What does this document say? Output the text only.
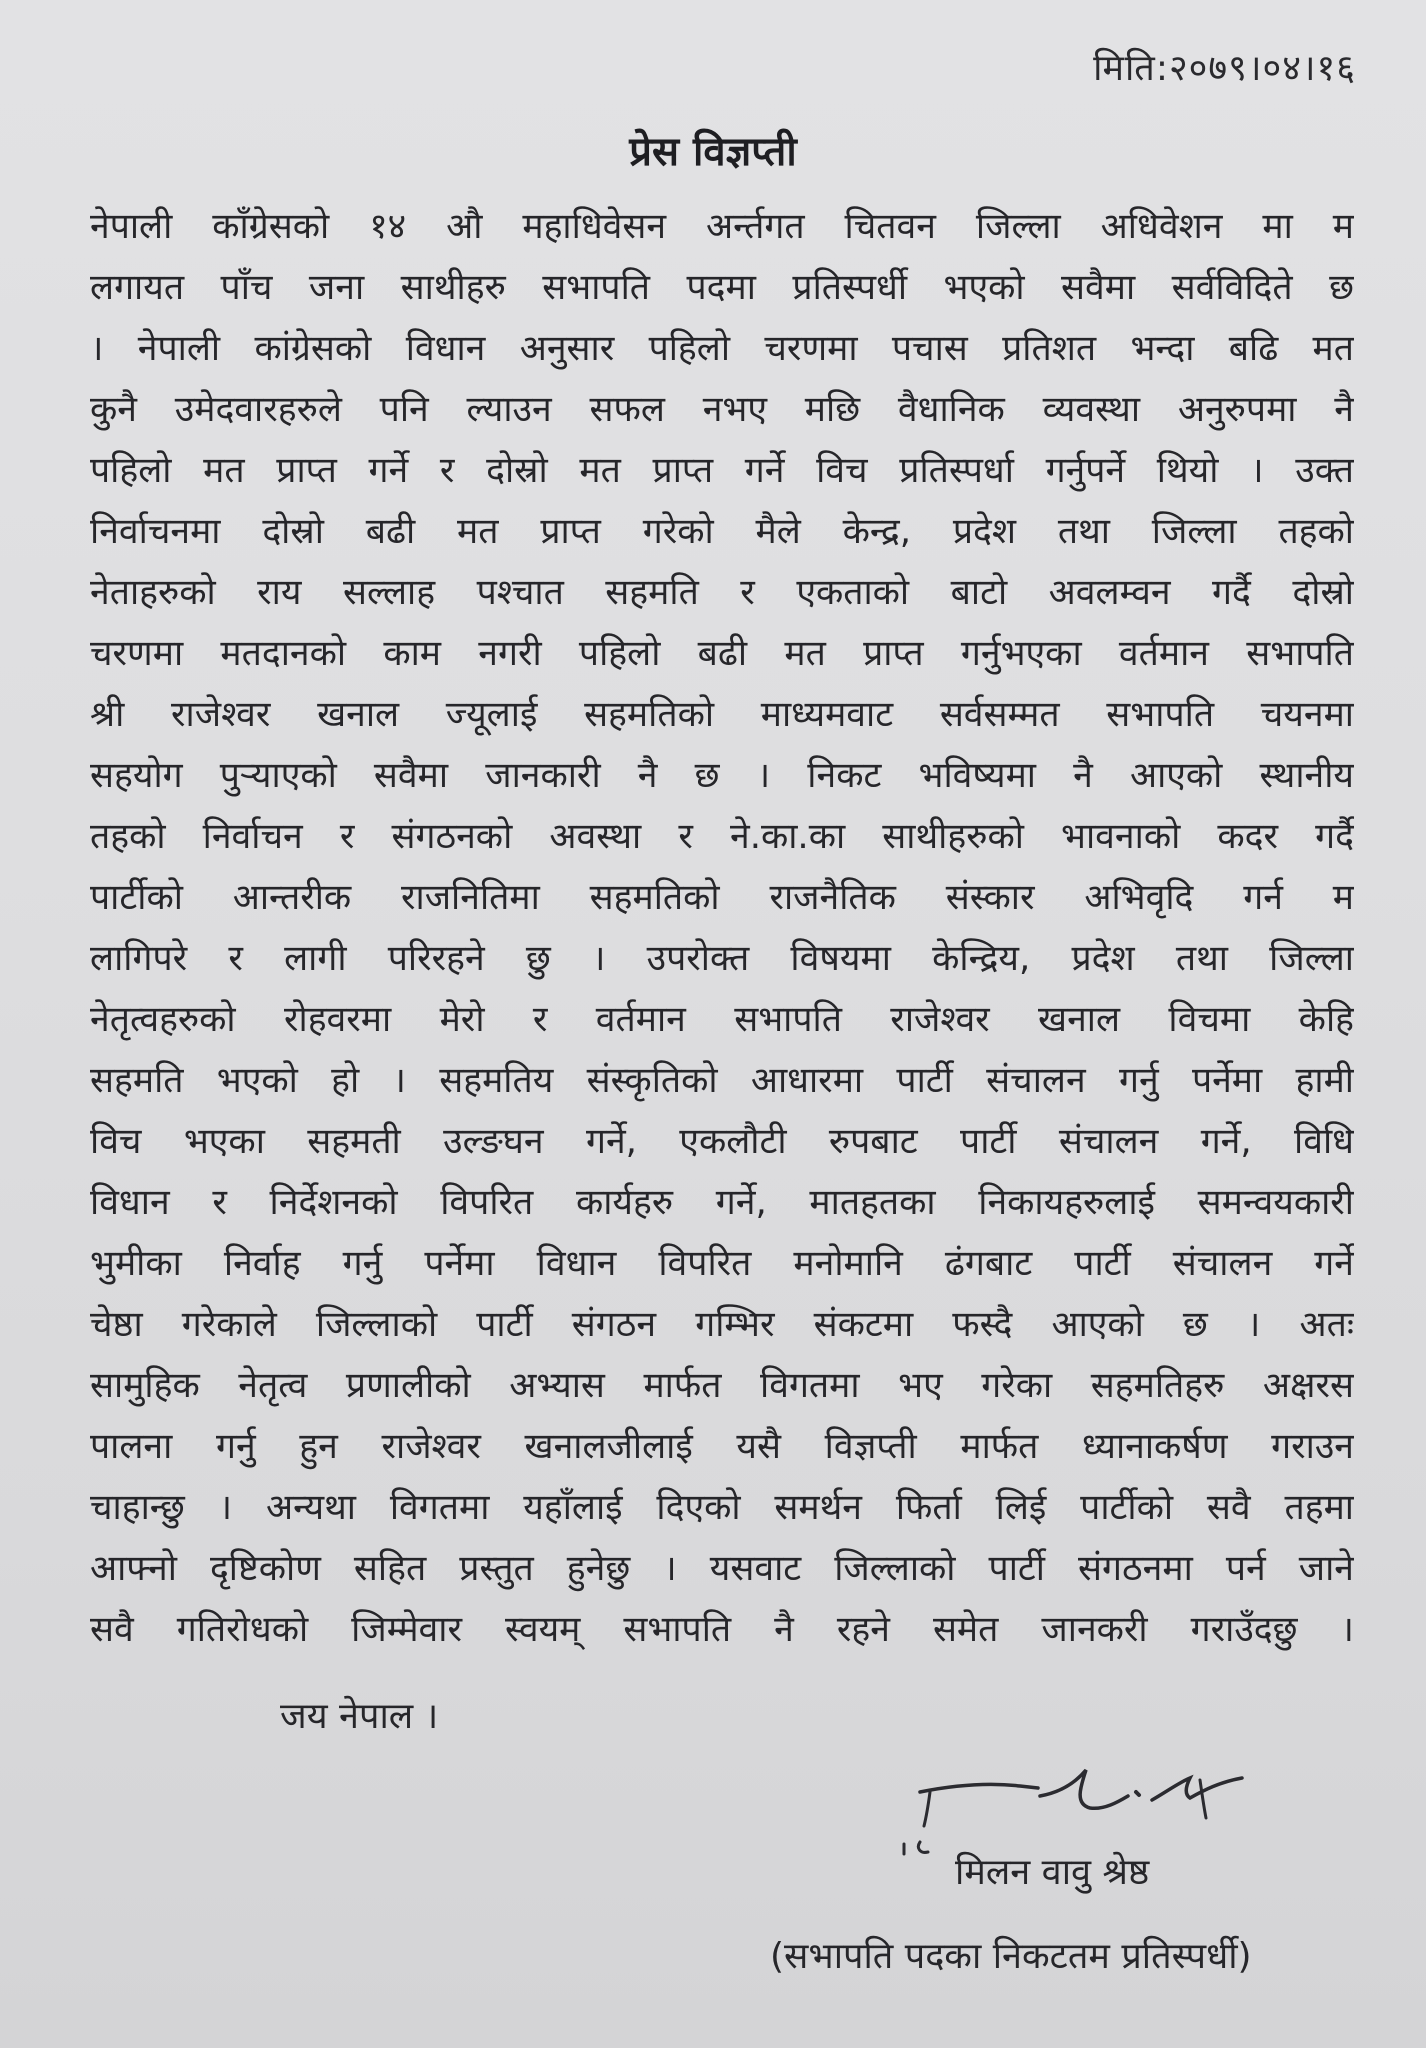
मिति:२०७९।०४।१६
प्रेस विज्ञप्ती
नेपाली काँग्रेसको १४ औ महाधिवेसन अर्न्तगत चितवन जिल्ला अधिवेशन मा म
लगायत पाँच जना साथीहरु सभापति पदमा प्रतिस्पर्धी भएको सवैमा सर्वविदिते छ
। नेपाली कांग्रेसको विधान अनुसार पहिलो चरणमा पचास प्रतिशत भन्दा बढि मत
कुनै उमेदवारहरुले पनि ल्याउन सफल नभए मछि वैधानिक व्यवस्था अनुरुपमा नै
पहिलो मत प्राप्त गर्ने र दोस्रो मत प्राप्त गर्ने विच प्रतिस्पर्धा गर्नुपर्ने थियो । उक्त
निर्वाचनमा दोस्रो बढी मत प्राप्त गरेको मैले केन्द्र, प्रदेश तथा जिल्ला तहको
नेताहरुको राय सल्लाह पश्चात सहमति र एकताको बाटो अवलम्वन गर्दै दोस्रो
चरणमा मतदानको काम नगरी पहिलो बढी मत प्राप्त गर्नुभएका वर्तमान सभापति
श्री राजेश्वर खनाल ज्यूलाई सहमतिको माध्यमवाट सर्वसम्मत सभापति चयनमा
सहयोग पुऱ्याएको सवैमा जानकारी नै छ । निकट भविष्यमा नै आएको स्थानीय
तहको निर्वाचन र संगठनको अवस्था र ने.का.का साथीहरुको भावनाको कदर गर्दै
पार्टीको आन्तरीक राजनितिमा सहमतिको राजनैतिक संस्कार अभिवृदि गर्न म
लागिपरे र लागी परिरहने छु । उपरोक्त विषयमा केन्द्रिय, प्रदेश तथा जिल्ला
नेतृत्वहरुको रोहवरमा मेरो र वर्तमान सभापति राजेश्वर खनाल विचमा केहि
सहमति भएको हो । सहमतिय संस्कृतिको आधारमा पार्टी संचालन गर्नु पर्नेमा हामी
विच भएका सहमती उल्ङघन गर्ने, एकलौटी रुपबाट पार्टी संचालन गर्ने, विधि
विधान र निर्देशनको विपरित कार्यहरु गर्ने, मातहतका निकायहरुलाई समन्वयकारी
भुमीका निर्वाह गर्नु पर्नेमा विधान विपरित मनोमानि ढंगबाट पार्टी संचालन गर्ने
चेष्ठा गरेकाले जिल्लाको पार्टी संगठन गम्भिर संकटमा फस्दै आएको छ । अतः
सामुहिक नेतृत्व प्रणालीको अभ्यास मार्फत विगतमा भए गरेका सहमतिहरु अक्षरस
पालना गर्नु हुन राजेश्वर खनालजीलाई यसै विज्ञप्ती मार्फत ध्यानाकर्षण गराउन
चाहान्छु । अन्यथा विगतमा यहाँलाई दिएको समर्थन फिर्ता लिई पार्टीको सवै तहमा
आफ्नो दृष्टिकोण सहित प्रस्तुत हुनेछु । यसवाट जिल्लाको पार्टी संगठनमा पर्न जाने
सवै गतिरोधको जिम्मेवार स्वयम् सभापति नै रहने समेत जानकरी गराउँदछु ।
जय नेपाल ।
मिलन वावु श्रेष्ठ
(सभापति पदका निकटतम प्रतिस्पर्धी)
